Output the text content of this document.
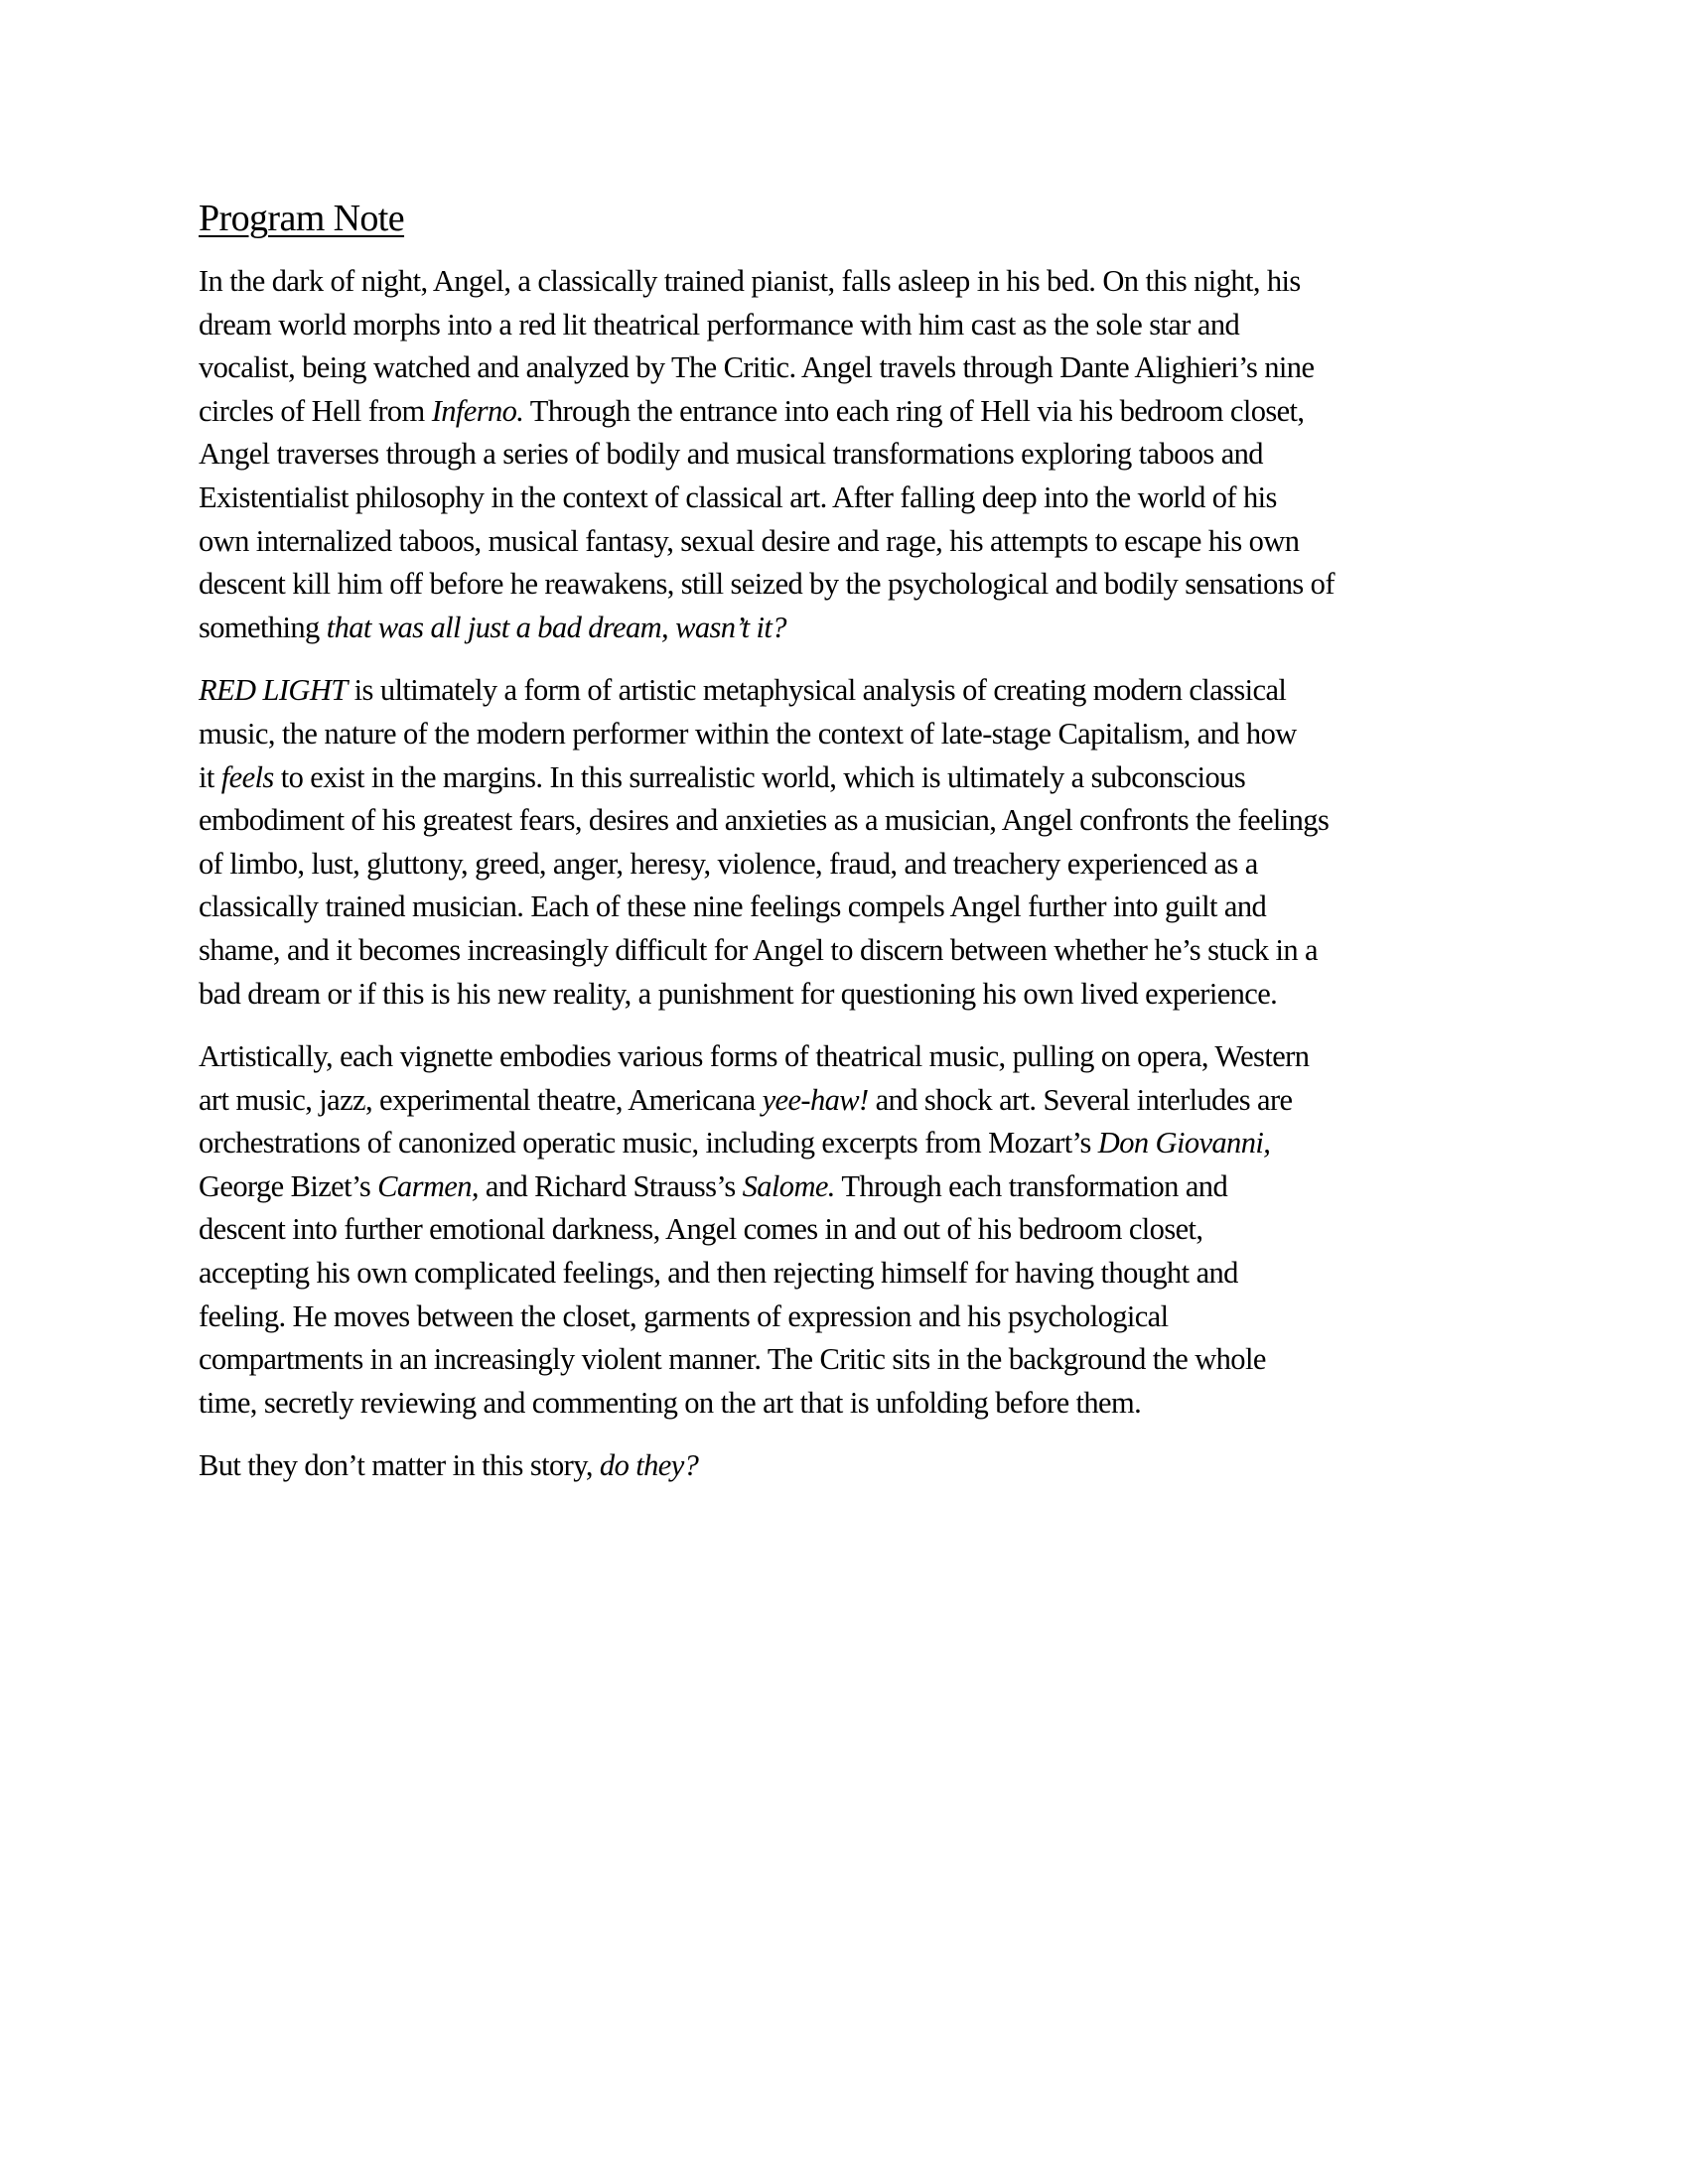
Program Note

In the dark of night, Angel, a classically trained pianist, falls asleep in his bed. On this night, his
dream world morphs into a red lit theatrical performance with him cast as the sole star and
vocalist, being watched and analyzed by The Critic. Angel travels through Dante Alighieri’s nine
circles of Hell from Inferno. Through the entrance into each ring of Hell via his bedroom closet,
Angel traverses through a series of bodily and musical transformations exploring taboos and
Existentialist philosophy in the context of classical art. After falling deep into the world of his
own internalized taboos, musical fantasy, sexual desire and rage, his attempts to escape his own
descent kill him off before he reawakens, still seized by the psychological and bodily sensations of
something that was all just a bad dream, wasn’t it?

RED LIGHT is ultimately a form of artistic metaphysical analysis of creating modern classical
music, the nature of the modern performer within the context of late-stage Capitalism, and how
it feels to exist in the margins. In this surrealistic world, which is ultimately a subconscious
embodiment of his greatest fears, desires and anxieties as a musician, Angel confronts the feelings
of limbo, lust, gluttony, greed, anger, heresy, violence, fraud, and treachery experienced as a
classically trained musician. Each of these nine feelings compels Angel further into guilt and
shame, and it becomes increasingly difficult for Angel to discern between whether he’s stuck in a
bad dream or if this is his new reality, a punishment for questioning his own lived experience.

Artistically, each vignette embodies various forms of theatrical music, pulling on opera, Western
art music, jazz, experimental theatre, Americana yee-haw! and shock art. Several interludes are
orchestrations of canonized operatic music, including excerpts from Mozart’s Don Giovanni,
George Bizet’s Carmen, and Richard Strauss’s Salome. Through each transformation and
descent into further emotional darkness, Angel comes in and out of his bedroom closet,
accepting his own complicated feelings, and then rejecting himself for having thought and
feeling. He moves between the closet, garments of expression and his psychological
compartments in an increasingly violent manner. The Critic sits in the background the whole
time, secretly reviewing and commenting on the art that is unfolding before them.

But they don’t matter in this story, do they?
